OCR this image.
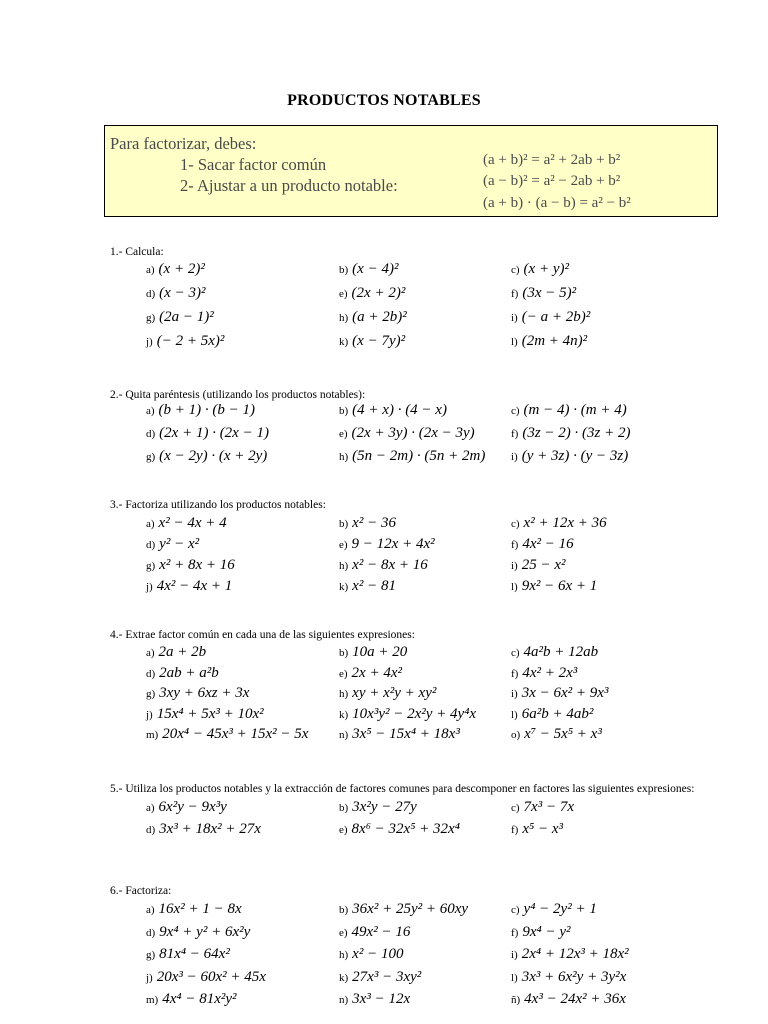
PRODUCTOS NOTABLES
Para factorizar, debes:
1- Sacar factor común
2- Ajustar a un producto notable:
(a + b)² = a² + 2ab + b²
(a − b)² = a² − 2ab + b²
(a + b) · (a − b) = a² − b²
1.- Calcula:
a) (x + 2)²	b) (x − 4)²	c) (x + y)²
d) (x − 3)²	e) (2x + 2)²	f) (3x − 5)²
g) (2a − 1)²	h) (a + 2b)²	i) (− a + 2b)²
j) (− 2 + 5x)²	k) (x − 7y)²	l) (2m + 4n)²
2.- Quita paréntesis (utilizando los productos notables):
a) (b + 1) · (b − 1)	b) (4 + x) · (4 − x)	c) (m − 4) · (m + 4)
d) (2x + 1) · (2x − 1)	e) (2x + 3y) · (2x − 3y)	f) (3z − 2) · (3z + 2)
g) (x − 2y) · (x + 2y)	h) (5n − 2m) · (5n + 2m) i) (y + 3z) · (y − 3z)
3.- Factoriza utilizando los productos notables:
a) x² − 4x + 4	b) x² − 36	c) x² + 12x + 36
d) y² − x²	e) 9 − 12x + 4x²	f) 4x² − 16
g) x² + 8x + 16	h) x² − 8x + 16	i) 25 − x²
j) 4x² − 4x + 1	k) x² − 81	l) 9x² − 6x + 1
4.- Extrae factor común en cada una de las siguientes expresiones:
a) 2a + 2b	b) 10a + 20	c) 4a²b + 12ab
d) 2ab + a²b	e) 2x + 4x²	f) 4x² + 2x³
g) 3xy + 6xz + 3x	h) xy + x²y + xy²	i) 3x − 6x² + 9x³
j) 15x⁴ + 5x³ + 10x²	k) 10x³y² − 2x²y + 4y⁴x	l) 6a²b + 4ab²
m) 20x⁴ − 45x³ + 15x² − 5x	n) 3x⁵ − 15x⁴ + 18x³	o) x⁷ − 5x⁵ + x³
5.- Utiliza los productos notables y la extracción de factores comunes para descomponer en factores las siguientes expresiones:
a) 6x²y − 9x³y	b) 3x²y − 27y	c) 7x³ − 7x
d) 3x³ + 18x² + 27x	e) 8x⁶ − 32x⁵ + 32x⁴	f) x⁵ − x³
6.- Factoriza:
a) 16x² + 1 − 8x	b) 36x² + 25y² + 60xy	c) y⁴ − 2y² + 1
d) 9x⁴ + y² + 6x²y	e) 49x² − 16	f) 9x⁴ − y²
g) 81x⁴ − 64x²	h) x² − 100	i) 2x⁴ + 12x³ + 18x²
j) 20x³ − 60x² + 45x	k) 27x³ − 3xy²	l) 3x³ + 6x²y + 3y²x
m) 4x⁴ − 81x²y²	n) 3x³ − 12x	ñ) 4x³ − 24x² + 36x
